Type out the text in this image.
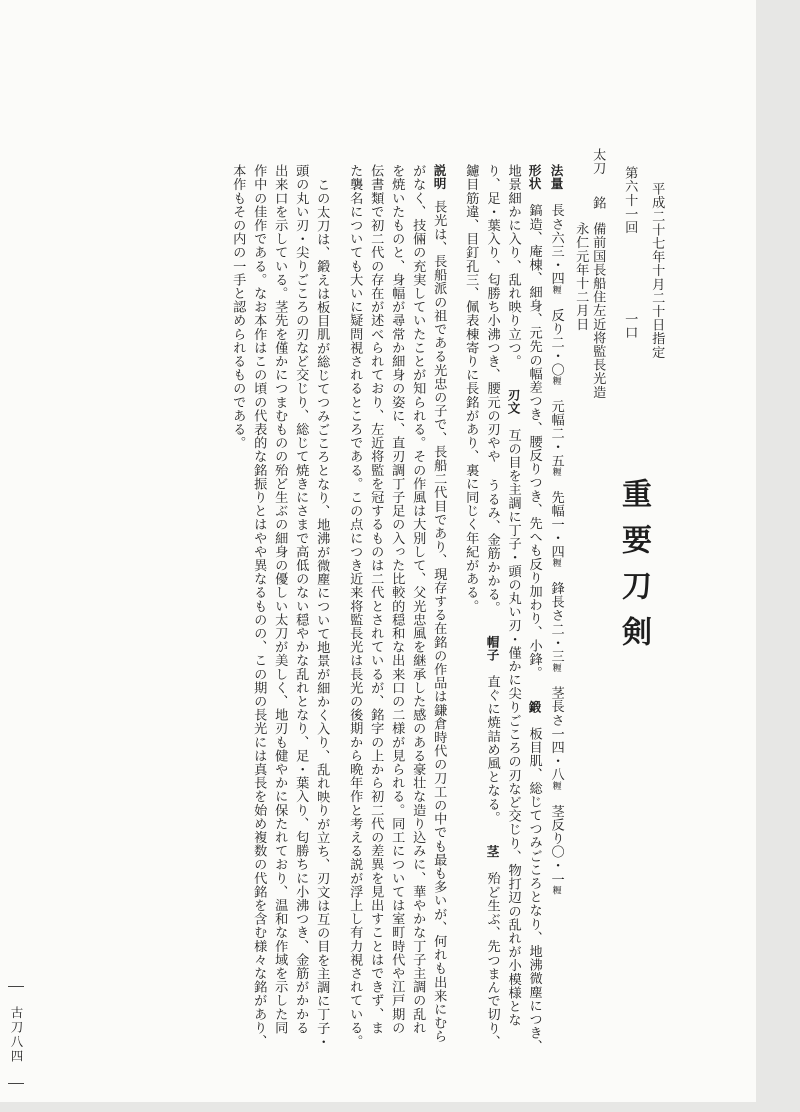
重要刀剣
第六十一回
一口 平成二十七年十月二十日指定
太刀
銘
備前国長船住左近将監長光造
永仁元年十二月日
法量　長さ六三・四糎　反り二・〇糎　元幅二・五糎　先幅一・四糎　鋒長さ二・三糎　茎長さ一四・八糎　茎反り〇・一糎
形状　鎬造、庵棟、細身、元先の幅差つき、腰反りつき、先へも反り加わり、小鋒。　　鍛　板目肌、総じてつみごころとなり、地沸微塵につき、
地景細かに入り、乱れ映り立つ。　　刃文　互の目を主調に丁子・頭の丸い刃・僅かに尖りごころの刃など交じり、物打辺の乱れが小模様とな
り、足・葉入り、匂勝ち小沸つき、腰元の刃やや うるみ、金筋かかる。　　帽子　直ぐに焼詰め風となる。　　茎　殆ど生ぶ、先つまんで切り、
鑢目筋違、目釘孔三、佩表棟寄りに長銘があり、裏に同じく年紀がある。
説明
長光は、長船派の祖である光忠の子で、長船二代目であり、現存する在銘の作品は鎌倉時代の刀工の中でも最も多いが、何れも出来にむら
がなく、技倆の充実していたことが知られる。その作風は大別して、父光忠風を継承した感のある豪壮な造り込みに、華やかな丁子主調の乱れ
を焼いたものと、身幅が尋常か細身の姿に、直刃調丁子足の入った比較的穏和な出来口の二様が見られる。同工については室町時代や江戸期の
伝書類で初二代の存在が述べられており、左近将監を冠するものは二代とされているが、銘字の上から初二代の差異を見出すことはできず、ま
た襲名についても大いに疑問視されるところである。この点につき近来将監長光は長光の後期から晩年作と考える説が浮上し有力視されている。
この太刀は、鍛えは板目肌が総じてつみごころとなり、地沸が微塵について地景が細かく入り、乱れ映りが立ち、刃文は互の目を主調に丁子・
頭の丸い刃・尖りごころの刃など交じり、総じて焼きにさまで高低のない穏やかな乱れとなり、足・葉入り、匂勝ちに小沸つき、金筋がかかる
出来口を示している。茎先を僅かにつまむものの殆ど生ぶの細身の優しい太刀が美しく、地刃も健やかに保たれており、温和な作域を示した同
作中の佳作である。なお本作はこの頃の代表的な銘振りとはやや異なるものの、この期の長光には真長を始め複数の代銘を含む様々な銘があり、
本作もその内の一手と認められるものである。
古刀八四
